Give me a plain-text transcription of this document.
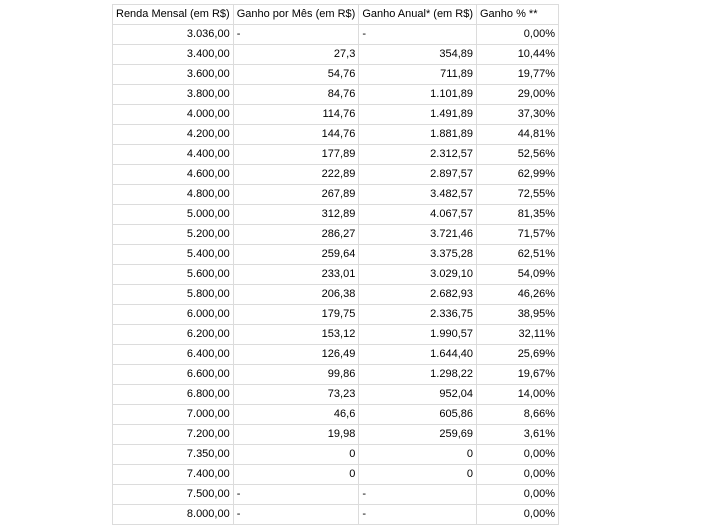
Renda Mensal (em R$)	Ganho por Mês (em R$)	Ganho Anual* (em R$)	Ganho % **
3.036,00	-	-	0,00%
3.400,00	27,3	354,89	10,44%
3.600,00	54,76	711,89	19,77%
3.800,00	84,76	1.101,89	29,00%
4.000,00	114,76	1.491,89	37,30%
4.200,00	144,76	1.881,89	44,81%
4.400,00	177,89	2.312,57	52,56%
4.600,00	222,89	2.897,57	62,99%
4.800,00	267,89	3.482,57	72,55%
5.000,00	312,89	4.067,57	81,35%
5.200,00	286,27	3.721,46	71,57%
5.400,00	259,64	3.375,28	62,51%
5.600,00	233,01	3.029,10	54,09%
5.800,00	206,38	2.682,93	46,26%
6.000,00	179,75	2.336,75	38,95%
6.200,00	153,12	1.990,57	32,11%
6.400,00	126,49	1.644,40	25,69%
6.600,00	99,86	1.298,22	19,67%
6.800,00	73,23	952,04	14,00%
7.000,00	46,6	605,86	8,66%
7.200,00	19,98	259,69	3,61%
7.350,00	0	0	0,00%
7.400,00	0	0	0,00%
7.500,00	-	-	0,00%
8.000,00	-	-	0,00%
